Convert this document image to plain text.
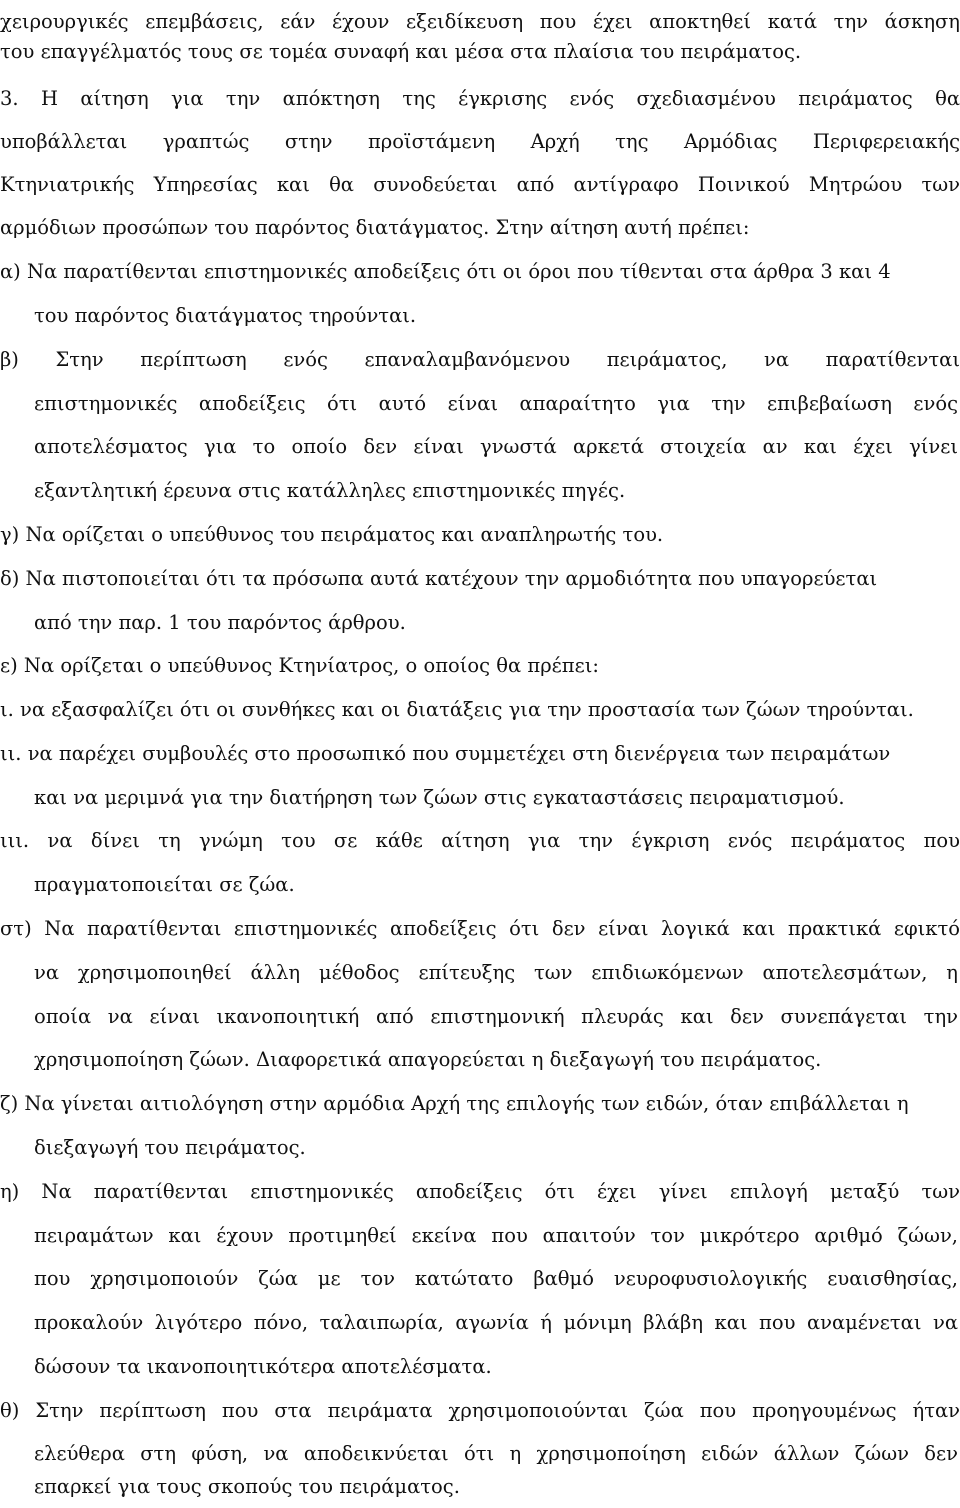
χειρουργικές επεμβάσεις, εάν έχουν εξειδίκευση που έχει αποκτηθεί κατά την άσκηση

του επαγγέλματός τους σε τομέα συναφή και μέσα στα πλαίσια του πειράματος.

3. Η αίτηση για την απόκτηση της έγκρισης ενός σχεδιασμένου πειράματος θα

υποβάλλεται γραπτώς στην προϊστάμενη Αρχή της Αρμόδιας Περιφερειακής

Κτηνιατρικής Υπηρεσίας και θα συνοδεύεται από αντίγραφο Ποινικού Μητρώου των

αρμόδιων προσώπων του παρόντος διατάγματος. Στην αίτηση αυτή πρέπει:

α) Να παρατίθενται επιστημονικές αποδείξεις ότι οι όροι που τίθενται στα άρθρα 3 και 4

του παρόντος διατάγματος τηρούνται.

β) Στην περίπτωση ενός επαναλαμβανόμενου πειράματος, να παρατίθενται

επιστημονικές αποδείξεις ότι αυτό είναι απαραίτητο για την επιβεβαίωση ενός

αποτελέσματος για το οποίο δεν είναι γνωστά αρκετά στοιχεία αν και έχει γίνει

εξαντλητική έρευνα στις κατάλληλες επιστημονικές πηγές.

γ) Να ορίζεται ο υπεύθυνος του πειράματος και αναπληρωτής του.

δ) Να πιστοποιείται ότι τα πρόσωπα αυτά κατέχουν την αρμοδιότητα που υπαγορεύεται

από την παρ. 1 του παρόντος άρθρου.

ε) Να ορίζεται ο υπεύθυνος Κτηνίατρος, ο οποίος θα πρέπει:

ι. να εξασφαλίζει ότι οι συνθήκες και οι διατάξεις για την προστασία των ζώων τηρούνται.

ιι. να παρέχει συμβουλές στο προσωπικό που συμμετέχει στη διενέργεια των πειραμάτων

και να μεριμνά για την διατήρηση των ζώων στις εγκαταστάσεις πειραματισμού.

ιιι. να δίνει τη γνώμη του σε κάθε αίτηση για την έγκριση ενός πειράματος που

πραγματοποιείται σε ζώα.

στ) Να παρατίθενται επιστημονικές αποδείξεις ότι δεν είναι λογικά και πρακτικά εφικτό

να χρησιμοποιηθεί άλλη μέθοδος επίτευξης των επιδιωκόμενων αποτελεσμάτων, η

οποία να είναι ικανοποιητική από επιστημονική πλευράς και δεν συνεπάγεται την

χρησιμοποίηση ζώων. Διαφορετικά απαγορεύεται η διεξαγωγή του πειράματος.

ζ) Να γίνεται αιτιολόγηση στην αρμόδια Αρχή της επιλογής των ειδών, όταν επιβάλλεται η

διεξαγωγή του πειράματος.

η) Να παρατίθενται επιστημονικές αποδείξεις ότι έχει γίνει επιλογή μεταξύ των

πειραμάτων και έχουν προτιμηθεί εκείνα που απαιτούν τον μικρότερο αριθμό ζώων,

που χρησιμοποιούν ζώα με τον κατώτατο βαθμό νευροφυσιολογικής ευαισθησίας,

προκαλούν λιγότερο πόνο, ταλαιπωρία, αγωνία ή μόνιμη βλάβη και που αναμένεται να

δώσουν τα ικανοποιητικότερα αποτελέσματα.

θ) Στην περίπτωση που στα πειράματα χρησιμοποιούνται ζώα που προηγουμένως ήταν

ελεύθερα στη φύση, να αποδεικνύεται ότι η χρησιμοποίηση ειδών άλλων ζώων δεν

επαρκεί για τους σκοπούς του πειράματος.
